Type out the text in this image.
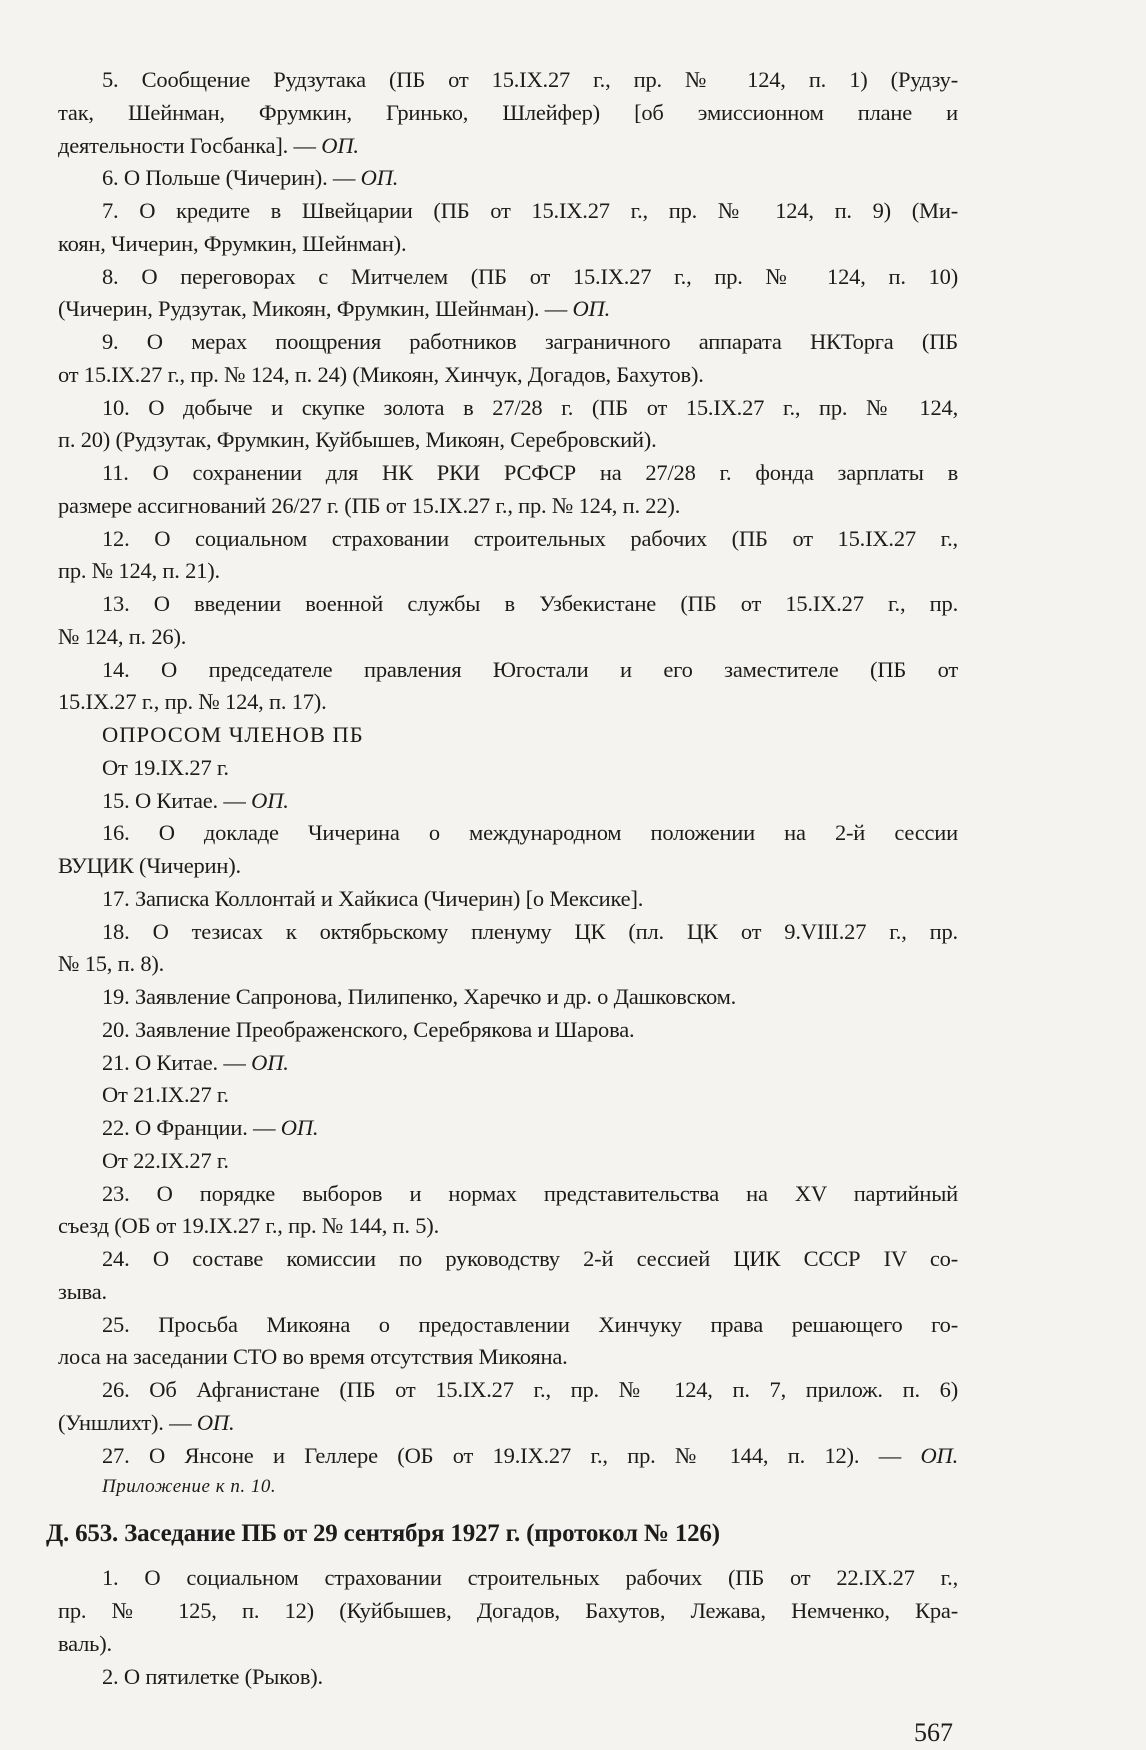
5. Сообщение Рудзутака (ПБ от 15.IX.27 г., пр. № 124, п. 1) (Рудзу-
так, Шейнман, Фрумкин, Гринько, Шлейфер) [об эмиссионном плане и
деятельности Госбанка]. — ОП.
6. О Польше (Чичерин). — ОП.
7. О кредите в Швейцарии (ПБ от 15.IX.27 г., пр. № 124, п. 9) (Ми-
коян, Чичерин, Фрумкин, Шейнман).
8. О переговорах с Митчелем (ПБ от 15.IX.27 г., пр. № 124, п. 10)
(Чичерин, Рудзутак, Микоян, Фрумкин, Шейнман). — ОП.
9. О мерах поощрения работников заграничного аппарата НКТорга (ПБ
от 15.IX.27 г., пр. № 124, п. 24) (Микоян, Хинчук, Догадов, Бахутов).
10. О добыче и скупке золота в 27/28 г. (ПБ от 15.IX.27 г., пр. № 124,
п. 20) (Рудзутак, Фрумкин, Куйбышев, Микоян, Серебровский).
11. О сохранении для НК РКИ РСФСР на 27/28 г. фонда зарплаты в
размере ассигнований 26/27 г. (ПБ от 15.IX.27 г., пр. № 124, п. 22).
12. О социальном страховании строительных рабочих (ПБ от 15.IX.27 г.,
пр. № 124, п. 21).
13. О введении военной службы в Узбекистане (ПБ от 15.IX.27 г., пр.
№ 124, п. 26).
14. О председателе правления Югостали и его заместителе (ПБ от
15.IX.27 г., пр. № 124, п. 17).
ОПРОСОМ ЧЛЕНОВ ПБ
От 19.IX.27 г.
15. О Китае. — ОП.
16. О докладе Чичерина о международном положении на 2-й сессии
ВУЦИК (Чичерин).
17. Записка Коллонтай и Хайкиса (Чичерин) [о Мексике].
18. О тезисах к октябрьскому пленуму ЦК (пл. ЦК от 9.VIII.27 г., пр.
№ 15, п. 8).
19. Заявление Сапронова, Пилипенко, Харечко и др. о Дашковском.
20. Заявление Преображенского, Серебрякова и Шарова.
21. О Китае. — ОП.
От 21.IX.27 г.
22. О Франции. — ОП.
От 22.IX.27 г.
23. О порядке выборов и нормах представительства на XV партийный
съезд (ОБ от 19.IX.27 г., пр. № 144, п. 5).
24. О составе комиссии по руководству 2-й сессией ЦИК СССР IV со-
зыва.
25. Просьба Микояна о предоставлении Хинчуку права решающего го-
лоса на заседании СТО во время отсутствия Микояна.
26. Об Афганистане (ПБ от 15.IX.27 г., пр. № 124, п. 7, прилож. п. 6)
(Уншлихт). — ОП.
27. О Янсоне и Геллере (ОБ от 19.IX.27 г., пр. № 144, п. 12). — ОП.
Приложение к п. 10.
Д. 653. Заседание ПБ от 29 сентября 1927 г. (протокол № 126)
1. О социальном страховании строительных рабочих (ПБ от 22.IX.27 г.,
пр. № 125, п. 12) (Куйбышев, Догадов, Бахутов, Лежава, Немченко, Кра-
валь).
2. О пятилетке (Рыков).
567
